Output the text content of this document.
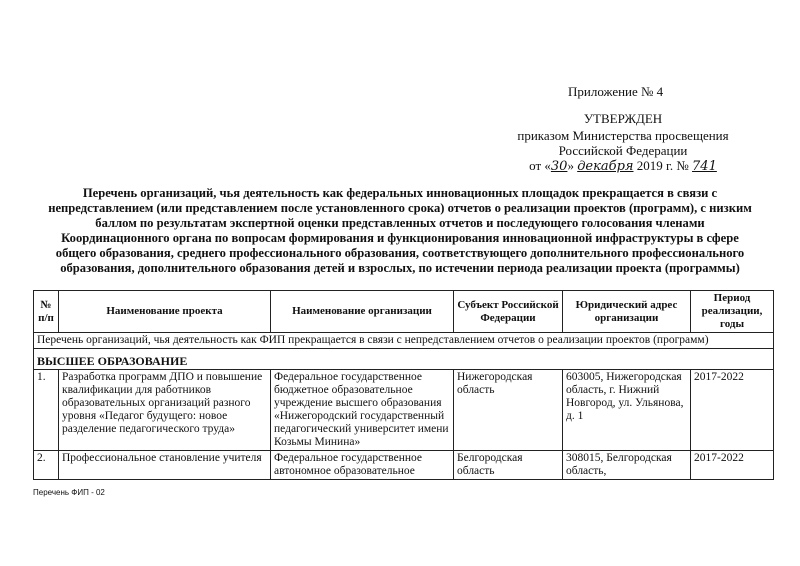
Приложение № 4
УТВЕРЖДЕН
приказом Министерства просвещения
Российской Федерации
от «30» декабря 2019 г. № 741
Перечень организаций, чья деятельность как федеральных инновационных площадок прекращается в связи с непредставлением (или представлением после установленного срока) отчетов о реализации проектов (программ), с низким баллом по результатам экспертной оценки представленных отчетов и последующего голосования членами Координационного органа по вопросам формирования и функционирования инновационной инфраструктуры в сфере общего образования, среднего профессионального образования, соответствующего дополнительного профессионального образования, дополнительного образования детей и взрослых, по истечении периода реализации проекта (программы)
№ п/п	Наименование проекта	Наименование организации	Субъект Российской Федерации	Юридический адрес организации	Период реализации, годы
Перечень организаций, чья деятельность как ФИП прекращается в связи с непредставлением отчетов о реализации проектов (программ)					
ВЫСШЕЕ ОБРАЗОВАНИЕ					
1.	Разработка программ ДПО и повышение квалификации для работников образовательных организаций разного уровня «Педагог будущего: новое разделение педагогического труда»	Федеральное государственное бюджетное образовательное учреждение высшего образования «Нижегородский государственный педагогический университет имени Козьмы Минина»	Нижегородская область	603005, Нижегородская область, г. Нижний Новгород, ул. Ульянова, д. 1	2017-2022
2.	Профессиональное становление учителя	Федеральное государственное автономное образовательное	Белгородская область	308015, Белгородская область,	2017-2022
Перечень ФИП - 02
